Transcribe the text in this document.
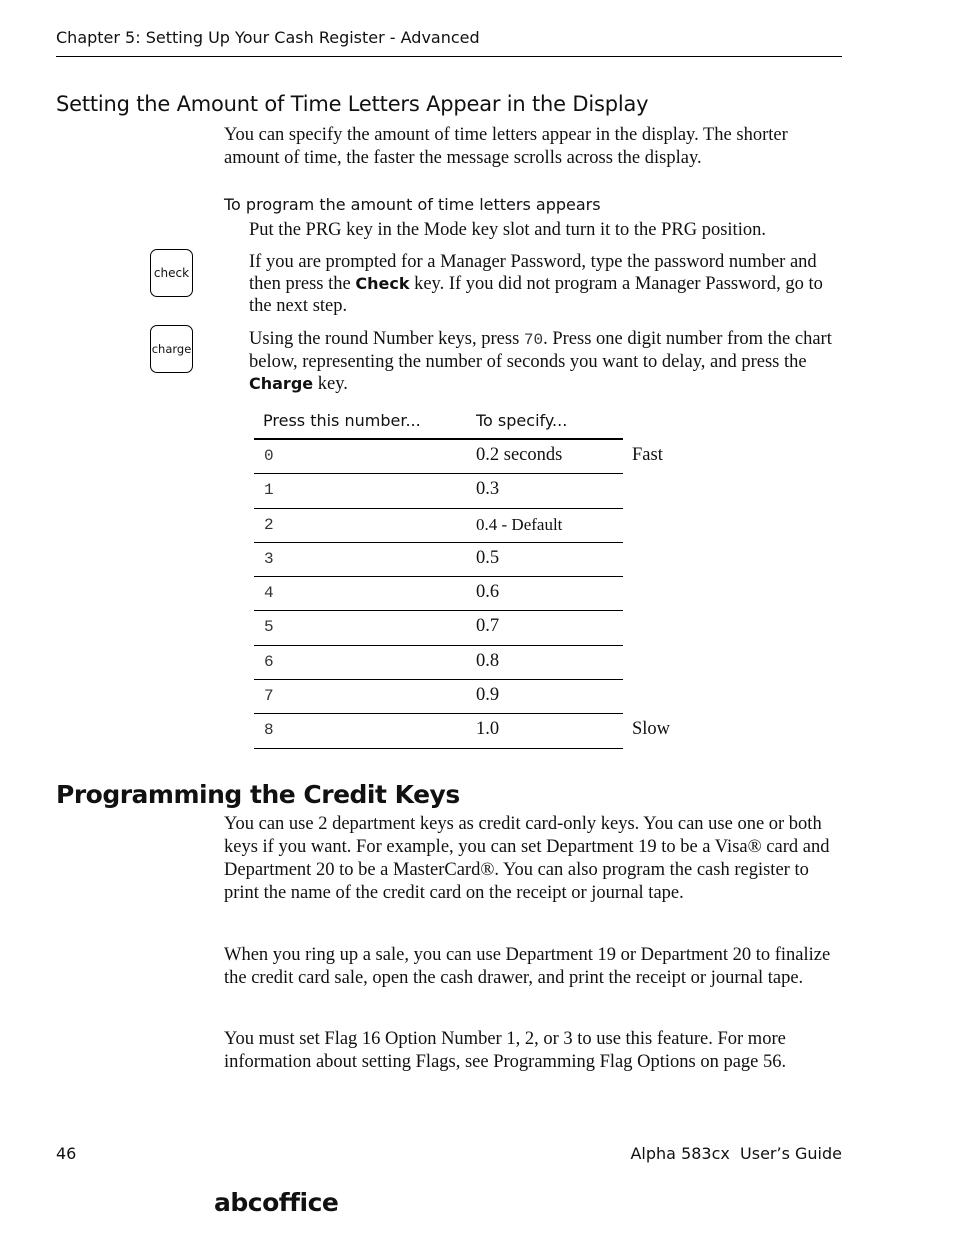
Chapter 5: Setting Up Your Cash Register - Advanced
Setting the Amount of Time Letters Appear in the Display
You can specify the amount of time letters appear in the display. The shorter amount of time, the faster the message scrolls across the display.
To program the amount of time letters appears
Put the PRG key in the Mode key slot and turn it to the PRG position.
check
If you are prompted for a Manager Password, type the password number and then press the Check key. If you did not program a Manager Password, go to the next step.
charge	Using the round Number keys, press 70. Press one digit number from the chart below, representing the number of seconds you want to delay, and press the Charge key.
Press this number...	To specify...
0	0.2 seconds
1	0.3
2	0.4 - Default
3	0.5
4	0.6
5	0.7
6	0.8
7	0.9
8	1.0
Fast
Slow
Programming the Credit Keys
You can use 2 department keys as credit card-only keys. You can use one or both keys if you want. For example, you can set Department 19 to be a Visa® card and Department 20 to be a MasterCard®. You can also program the cash register to print the name of the credit card on the receipt or journal tape.
When you ring up a sale, you can use Department 19 or Department 20 to finalize the credit card sale, open the cash drawer, and print the receipt or journal tape.
You must set Flag 16 Option Number 1, 2, or 3 to use this feature. For more information about setting Flags, see Programming Flag Options on page 56.
46	Alpha 583cx  User’s Guide
abcoffice
